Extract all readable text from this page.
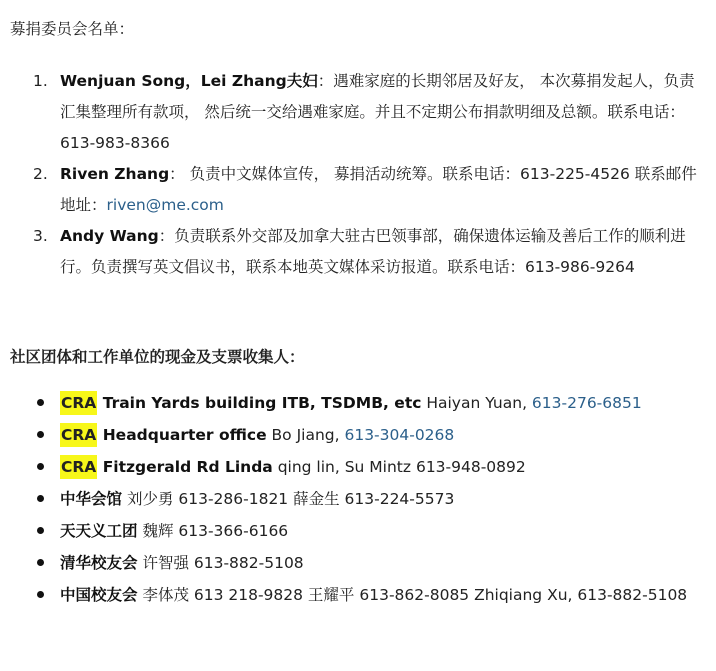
募捐委员会名单：
1. Wenjuan Song，Lei Zhang夫妇：遇难家庭的长期邻居及好友， 本次募捐发起人，负责汇集整理所有款项， 然后统一交给遇难家庭。并且不定期公布捐款明细及总额。联系电话：613-983-8366
2. Riven Zhang： 负责中文媒体宣传， 募捐活动统筹。联系电话：613-225-4526 联系邮件地址：riven@me.com
3. Andy Wang：负责联系外交部及加拿大驻古巴领事部，确保遗体运输及善后工作的顺利进行。负责撰写英文倡议书，联系本地英文媒体采访报道。联系电话：613-986-9264
社区团体和工作单位的现金及支票收集人：
CRA Train Yards building ITB, TSDMB, etc Haiyan Yuan, 613-276-6851
CRA Headquarter office Bo Jiang, 613-304-0268
CRA Fitzgerald Rd Linda qing lin, Su Mintz 613-948-0892
中华会馆 刘少勇 613-286-1821 薛金生 613-224-5573
天天义工团 魏辉 613-366-6166
清华校友会 许智强 613-882-5108
中国校友会 李体茂 613 218-9828 王耀平 613-862-8085 Zhiqiang Xu, 613-882-5108
